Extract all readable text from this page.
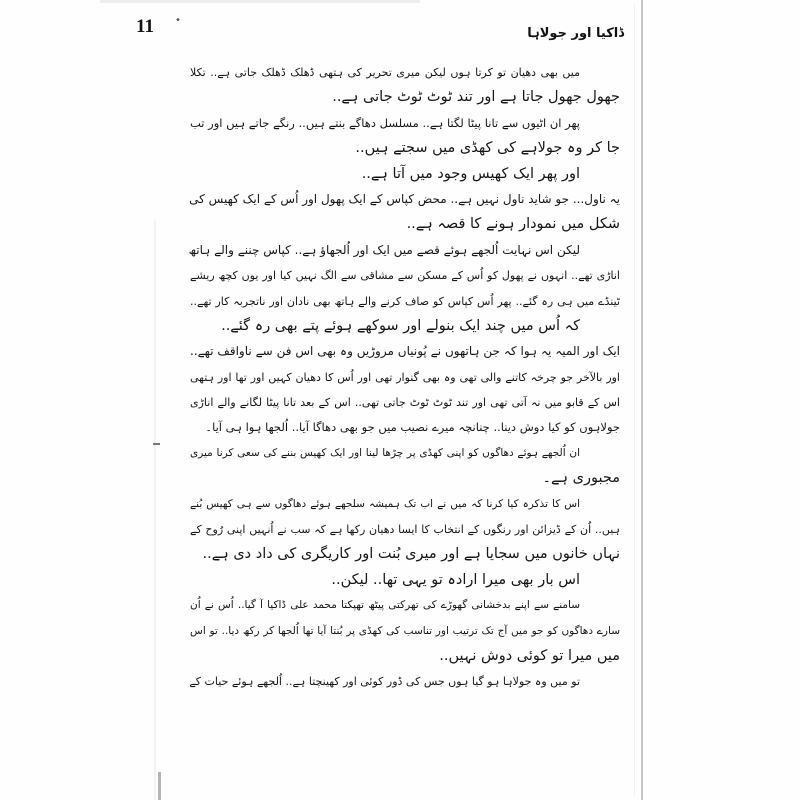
•
11	ڈاکیا اور جولاہا
میں بھی دھیان تو کرتا ہوں لیکن میری تحریر کی ہتھی ڈھلک ڈھلک جاتی ہے.. تکلا
جھول جھول جاتا ہے اور تند ٹوٹ ٹوٹ جاتی ہے..
پھر ان اٹیوں سے تانا پیٹا لگتا ہے.. مسلسل دھاگے بنتے ہیں.. رنگے جاتے ہیں اور تب
جا کر وہ جولاہے کی کھڈی میں سجتے ہیں..
اور پھر ایک کھیس وجود میں آتا ہے..
یہ ناول... جو شاید ناول نہیں ہے.. محض کپاس کے ایک پھول اور اُس کے ایک کھیس کی
شکل میں نمودار ہونے کا قصہ ہے..
لیکن اس نہایت اُلجھے ہوئے قصے میں ایک اور اُلجھاؤ ہے.. کپاس چننے والے ہاتھ
اناڑی تھے.. انہوں نے پھول کو اُس کے مسکن سے مشاقی سے الگ نہیں کیا اور یوں کچھ ریشے
ٹینڈے میں ہی رہ گئے.. پھر اُس کپاس کو صاف کرنے والے ہاتھ بھی نادان اور ناتجربہ کار تھے..
کہ اُس میں چند ایک بنولے اور سوکھے ہوئے پتے بھی رہ گئے..
ایک اور المیہ یہ ہوا کہ جن ہاتھوں نے پُونیاں مروڑیں وہ بھی اس فن سے ناواقف تھے..
اور بالآخر جو چرخہ کاتنے والی تھی وہ بھی گنوار تھی اور اُس کا دھیان کہیں اور تھا اور ہتھی
اس کے قابو میں نہ آتی تھی اور تند ٹوٹ ٹوٹ جاتی تھی.. اس کے بعد تانا پیٹا لگانے والے اناڑی
جولاہوں کو کیا دوش دینا.. چنانچہ میرے نصیب میں جو بھی دھاگا آیا.. اُلجھا ہوا ہی آیا۔
ان اُلجھے ہوئے دھاگوں کو اپنی کھڈی پر چڑھا لینا اور ایک کھیس بننے کی سعی کرنا میری
مجبوری ہے۔
اس کا تذکرہ کیا کرنا کہ میں نے اب تک ہمیشہ سلجھے ہوئے دھاگوں سے ہی کھیس بُنے
ہیں.. اُن کے ڈیزائن اور رنگوں کے انتخاب کا ایسا دھیان رکھا ہے کہ سب نے اُنہیں اپنی رُوح کے
نہاں خانوں میں سجایا ہے اور میری بُنت اور کاریگری کی داد دی ہے..
اس بار بھی میرا ارادہ تو یہی تھا.. لیکن..
سامنے سے اپنے بدخشانی گھوڑے کی تھرکتی پیٹھ تھپکتا محمد علی ڈاکیا آ گیا.. اُس نے اُن
سارے دھاگوں کو جو میں آج تک ترتیب اور تناسب کی کھڈی پر بُنتا آیا تھا اُلجھا کر رکھ دیا.. تو اس
میں میرا تو کوئی دوش نہیں..
تو میں وہ جولاہا ہو گیا ہوں جس کی ڈور کوئی اور کھینچتا ہے.. اُلجھے ہوئے حیات کے
